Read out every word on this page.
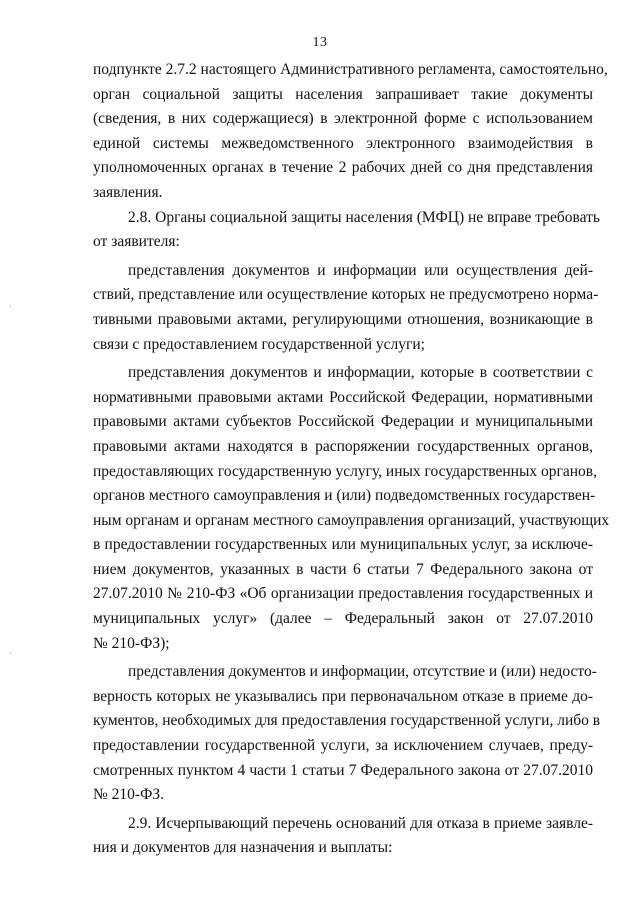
13
подпункте 2.7.2 настоящего Административного регламента, самостоятельно,
орган социальной защиты населения запрашивает такие документы
(сведения, в них содержащиеся) в электронной форме с использованием
единой системы межведомственного электронного взаимодействия в
уполномоченных органах в течение 2 рабочих дней со дня представления
заявления.
2.8. Органы социальной защиты населения (МФЦ) не вправе требовать
от заявителя:
представления документов и информации или осуществления дей-
ствий, представление или осуществление которых не предусмотрено норма-
тивными правовыми актами, регулирующими отношения, возникающие в
связи с предоставлением государственной услуги;
представления документов и информации, которые в соответствии с
нормативными правовыми актами Российской Федерации, нормативными
правовыми актами субъектов Российской Федерации и муниципальными
правовыми актами находятся в распоряжении государственных органов,
предоставляющих государственную услугу, иных государственных органов,
органов местного самоуправления и (или) подведомственных государствен-
ным органам и органам местного самоуправления организаций, участвующих
в предоставлении государственных или муниципальных услуг, за исключе-
нием документов, указанных в части 6 статьи 7 Федерального закона от
27.07.2010 № 210-ФЗ «Об организации предоставления государственных и
муниципальных услуг» (далее – Федеральный закон от 27.07.2010
№ 210-ФЗ);
представления документов и информации, отсутствие и (или) недосто-
верность которых не указывались при первоначальном отказе в приеме до-
кументов, необходимых для предоставления государственной услуги, либо в
предоставлении государственной услуги, за исключением случаев, преду-
смотренных пунктом 4 части 1 статьи 7 Федерального закона от 27.07.2010
№ 210-ФЗ.
2.9. Исчерпывающий перечень оснований для отказа в приеме заявле-
ния и документов для назначения и выплаты:
